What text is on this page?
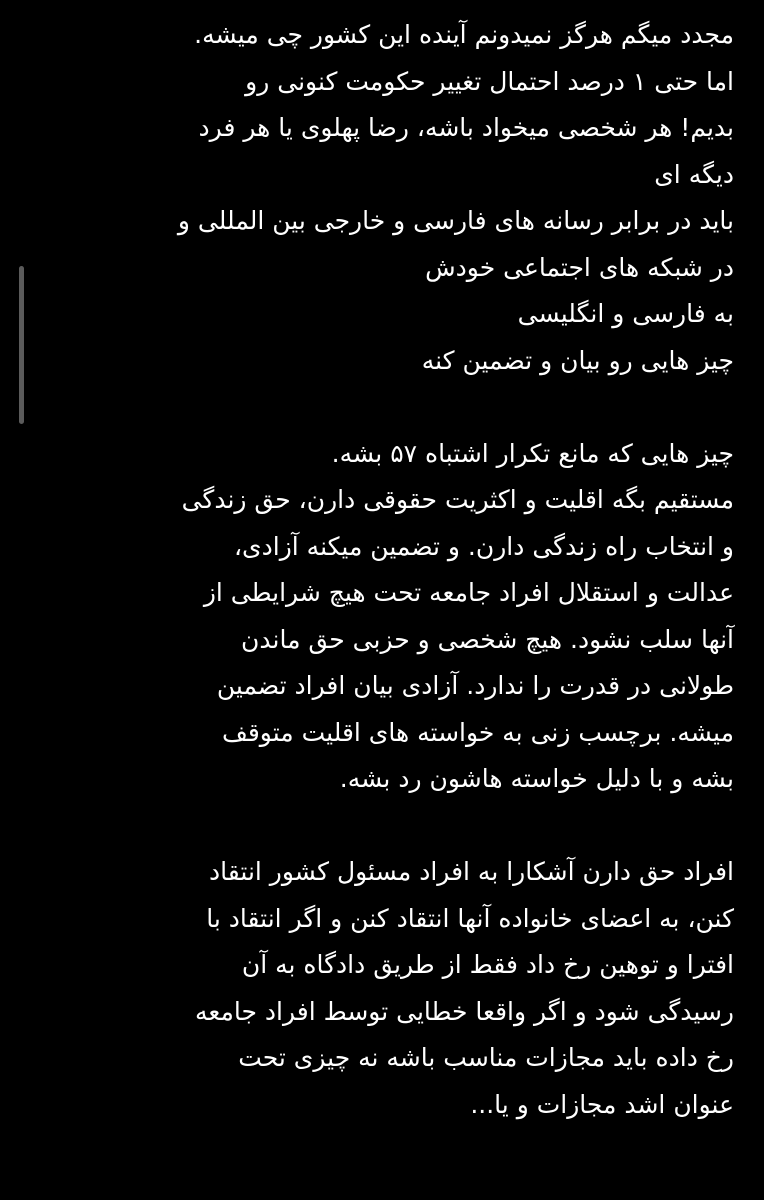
مجدد میگم هرگز نمیدونم آینده این کشور چی میشه.
اما حتی ۱ درصد احتمال تغییر حکومت کنونی رو
بدیم! هر شخصی میخواد باشه، رضا پهلوی یا هر فرد
دیگه ای
باید در برابر رسانه های فارسی و خارجی بین المللی و
در شبکه های اجتماعی خودش
به فارسی و انگلیسی
چیز هایی رو بیان و تضمین کنه
چیز هایی که مانع تکرار اشتباه ۵۷ بشه.
مستقیم بگه اقلیت و اکثریت حقوقی دارن، حق زندگی
و انتخاب راه زندگی دارن. و تضمین میکنه آزادی،
عدالت و استقلال افراد جامعه تحت هیچ شرایطی از
آنها سلب نشود. هیچ شخصی و حزبی حق ماندن
طولانی در قدرت را ندارد. آزادی بیان افراد تضمین
میشه. برچسب زنی به خواسته های اقلیت متوقف
بشه و با دلیل خواسته هاشون رد بشه.
افراد حق دارن آشکارا به افراد مسئول کشور انتقاد
کنن، به اعضای خانواده آنها انتقاد کنن و اگر انتقاد با
افترا و توهین رخ داد فقط از طریق دادگاه به آن
رسیدگی شود و اگر واقعا خطایی توسط افراد جامعه
رخ داده باید مجازات مناسب باشه نه چیزی تحت
عنوان اشد مجازات و یا...
